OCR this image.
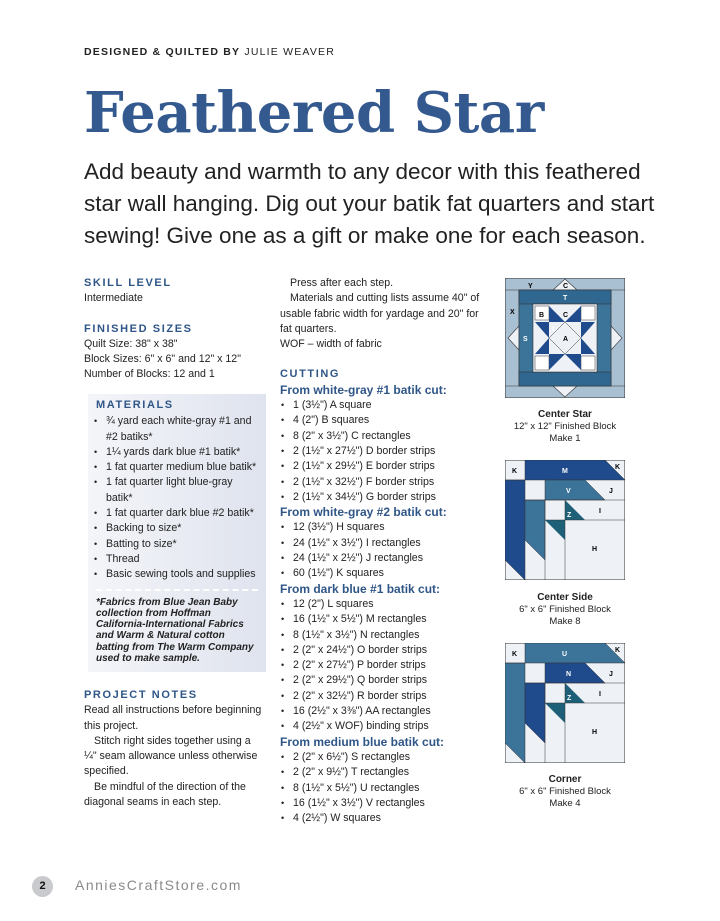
DESIGNED & QUILTED BY JULIE WEAVER
Feathered Star
Add beauty and warmth to any decor with this feathered star wall hanging. Dig out your batik fat quarters and start sewing! Give one as a gift or make one for each season.
SKILL LEVEL
Intermediate
FINISHED SIZES
Quilt Size: 38" x 38"
Block Sizes: 6" x 6" and 12" x 12"
Number of Blocks: 12 and 1
MATERIALS
• ¾ yard each white-gray #1 and #2 batiks*
• 1¼ yards dark blue #1 batik*
• 1 fat quarter medium blue batik*
• 1 fat quarter light blue-gray batik*
• 1 fat quarter dark blue #2 batik*
• Backing to size*
• Batting to size*
• Thread
• Basic sewing tools and supplies
*Fabrics from Blue Jean Baby collection from Hoffman California-International Fabrics and Warm & Natural cotton batting from The Warm Company used to make sample.
PROJECT NOTES

Read all instructions before beginning this project.

Stitch right sides together using a ¼" seam allowance unless otherwise specified.

Be mindful of the direction of the diagonal seams in each step.

Press after each step.

Materials and cutting lists assume 40" of usable fabric width for yardage and 20" for fat quarters.

WOF – width of fabric

CUTTING
From white-gray #1 batik cut:
• 1 (3½") A square
• 4 (2") B squares
• 8 (2" x 3½") C rectangles
• 2 (1½" x 27½") D border strips
• 2 (1½" x 29½") E border strips
• 2 (1½" x 32½") F border strips
• 2 (1½" x 34½") G border strips
From white-gray #2 batik cut:
• 12 (3½") H squares
• 24 (1½" x 3½") I rectangles
• 24 (1½" x 2½") J rectangles
• 60 (1½") K squares
From dark blue #1 batik cut:
• 12 (2") L squares
• 16 (1½" x 5½") M rectangles
• 8 (1½" x 3½") N rectangles
• 2 (2" x 24½") O border strips
• 2 (2" x 27½") P border strips
• 2 (2" x 29½") Q border strips
• 2 (2" x 32½") R border strips
• 16 (2½" x 3⅜") AA rectangles
• 4 (2½" x WOF) binding strips
From medium blue batik cut:
• 2 (2" x 6½") S rectangles
• 2 (2" x 9½") T rectangles
• 8 (1½" x 5½") U rectangles
• 16 (1½" x 3½") V rectangles
• 4 (2½") W squares
Y	C
T
X	B	C
L
S	A
Center Star
12" x 12" Finished Block
Make 1
K	M
K
V	J
I
Z
H
Center Side
6" x 6" Finished Block
Make 8
K	U
K
N	J
I
Z
H
Corner
6" x 6" Finished Block
Make 4
2	AnniesCraftStore.com
